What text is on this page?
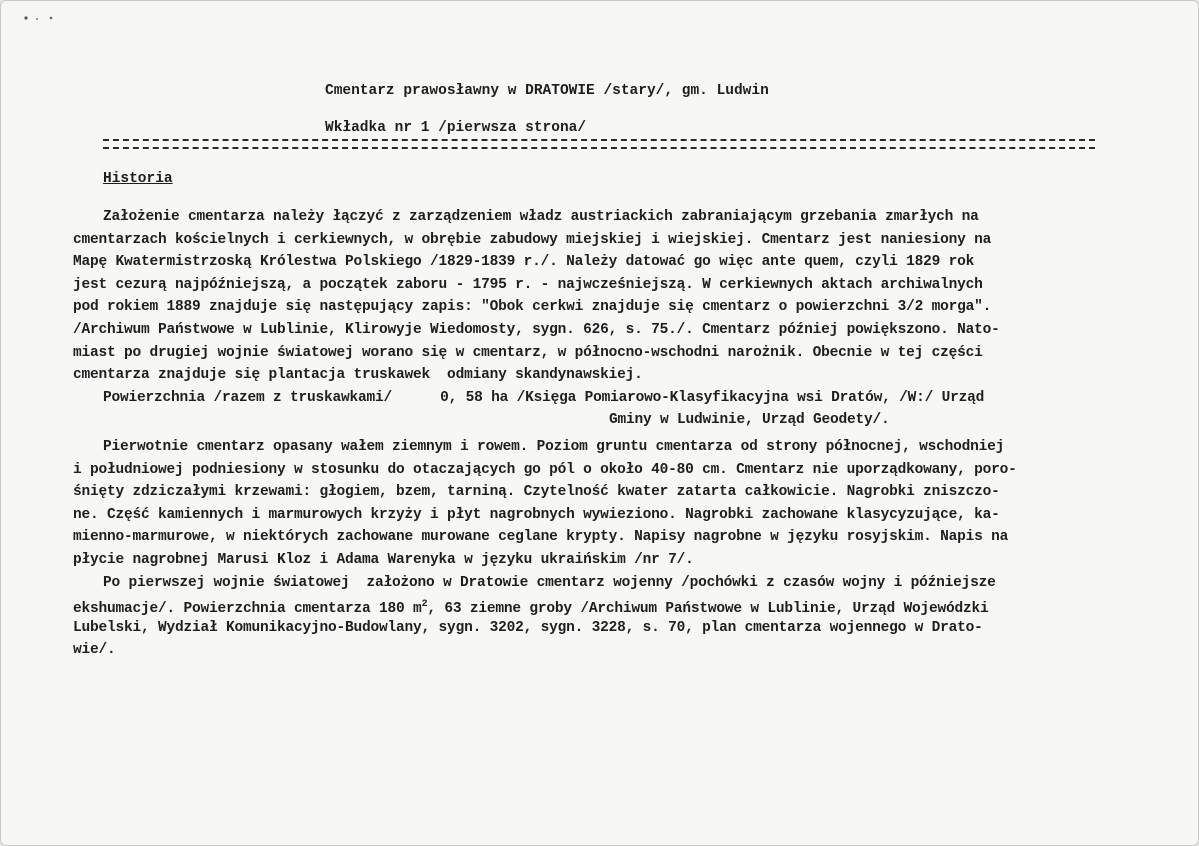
Cmentarz prawosławny w DRATOWIE /stary/, gm. Ludwin
Wkładka nr 1 /pierwsza strona/
Historia
Założenie cmentarza należy łączyć z zarządzeniem władz austriackich zabraniającym grzebania zmarłych na
cmentarzach kościelnych i cerkiewnych, w obrębie zabudowy miejskiej i wiejskiej. Cmentarz jest naniesiony na
Mapę Kwatermistrzoską Królestwa Polskiego /1829-1839 r./. Należy datować go więc ante quem, czyli 1829 rok
jest cezurą najpóźniejszą, a początek zaboru - 1795 r. - najwcześniejszą. W cerkiewnych aktach archiwalnych
pod rokiem 1889 znajduje się następujący zapis: "Obok cerkwi znajduje się cmentarz o powierzchni 3/2 morga".
/Archiwum Państwowe w Lublinie, Klirowyje Wiedomosty, sygn. 626, s. 75./. Cmentarz później powiększono. Nato-
miast po drugiej wojnie światowej worano się w cmentarz, w północno-wschodni narożnik. Obecnie w tej części
cmentarza znajduje się plantacja truskawek  odmiany skandynawskiej.
Powierzchnia /razem z truskawkami/	0, 58 ha /Księga Pomiarowo-Klasyfikacyjna wsi Dratów, /W:/ Urząd
Gminy w Ludwinie, Urząd Geodety/.
Pierwotnie cmentarz opasany wałem ziemnym i rowem. Poziom gruntu cmentarza od strony północnej, wschodniej
i południowej podniesiony w stosunku do otaczających go pól o około 40-80 cm. Cmentarz nie uporządkowany, poro-
śnięty zdziczałymi krzewami: głogiem, bzem, tarniną. Czytelność kwater zatarta całkowicie. Nagrobki zniszczo-
ne. Część kamiennych i marmurowych krzyży i płyt nagrobnych wywieziono. Nagrobki zachowane klasycyzujące, ka-
mienno-marmurowe, w niektórych zachowane murowane ceglane krypty. Napisy nagrobne w języku rosyjskim. Napis na
płycie nagrobnej Marusi Kloz i Adama Warenyka w języku ukraińskim /nr 7/.
Po pierwszej wojnie światowej  założono w Dratowie cmentarz wojenny /pochówki z czasów wojny i późniejsze
ekshumacje/. Powierzchnia cmentarza 180 $m^2$, 63 ziemne groby /Archiwum Państwowe w Lublinie, Urząd Wojewódzki
Lubelski, Wydział Komunikacyjno-Budowlany, sygn. 3202, sygn. 3228, s. 70, plan cmentarza wojennego w Drato-
wie/.
